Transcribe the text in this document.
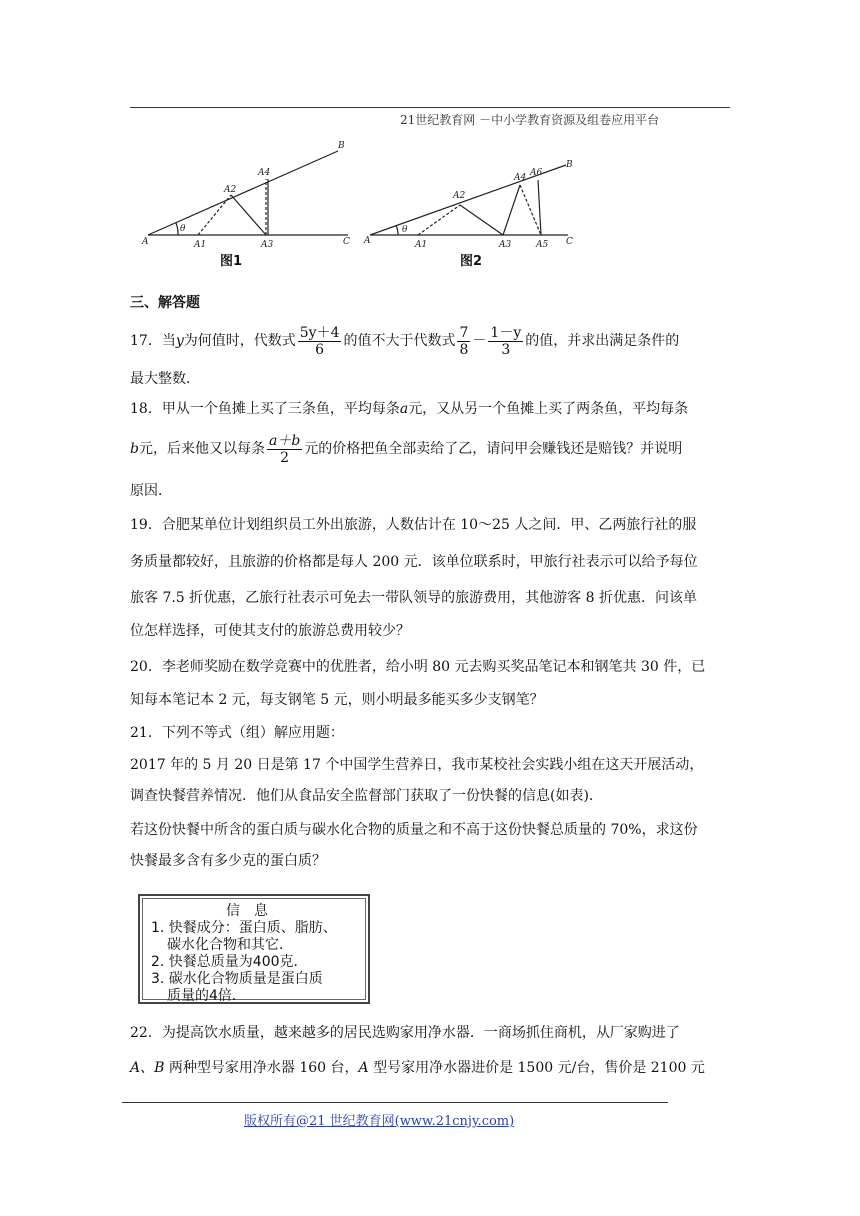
21世纪教育网 －中小学教育资源及组卷应用平台
A
θ
A1
A2
A3
A4
B
C
图1
A
θ
A1
A2
A3
A4
A5
A6
B
C
图2
三、解答题
17．当y为何值时，代数式 $\frac{5y+4}{6}$ 的值不大于代数式 $\frac{7}{8} - \frac{1-y}{3}$ 的值，并求出满足条件的
最大整数．
18．甲从一个鱼摊上买了三条鱼，平均每条a元，又从另一个鱼摊上买了两条鱼，平均每条
b元，后来他又以每条 $\frac{a+b}{2}$ 元的价格把鱼全部卖给了乙，请问甲会赚钱还是赔钱？并说明
原因．
19．合肥某单位计划组织员工外出旅游，人数估计在 10～25 人之间．甲、乙两旅行社的服
务质量都较好，且旅游的价格都是每人 200 元．该单位联系时，甲旅行社表示可以给予每位
旅客 7.5 折优惠，乙旅行社表示可免去一带队领导的旅游费用，其他游客 8 折优惠．问该单
位怎样选择，可使其支付的旅游总费用较少？
20．李老师奖励在数学竞赛中的优胜者，给小明 80 元去购买奖品笔记本和钢笔共 30 件，已
知每本笔记本 2 元，每支钢笔 5 元，则小明最多能买多少支钢笔？
21．下列不等式（组）解应用题：
2017 年的 5 月 20 日是第 17 个中国学生营养日，我市某校社会实践小组在这天开展活动，
调查快餐营养情况．他们从食品安全监督部门获取了一份快餐的信息(如表)．
若这份快餐中所含的蛋白质与碳水化合物的质量之和不高于这份快餐总质量的 70%，求这份
快餐最多含有多少克的蛋白质？
信息
1. 快餐成分：蛋白质、脂肪、
碳水化合物和其它．
2. 快餐总质量为400克．
3. 碳水化合物质量是蛋白质
质量的4倍．
22．为提高饮水质量，越来越多的居民选购家用净水器．一商场抓住商机，从厂家购进了
A、B 两种型号家用净水器 160 台，A 型号家用净水器进价是 1500 元/台，售价是 2100 元
版权所有@21 世纪教育网(www.21cnjy.com)
